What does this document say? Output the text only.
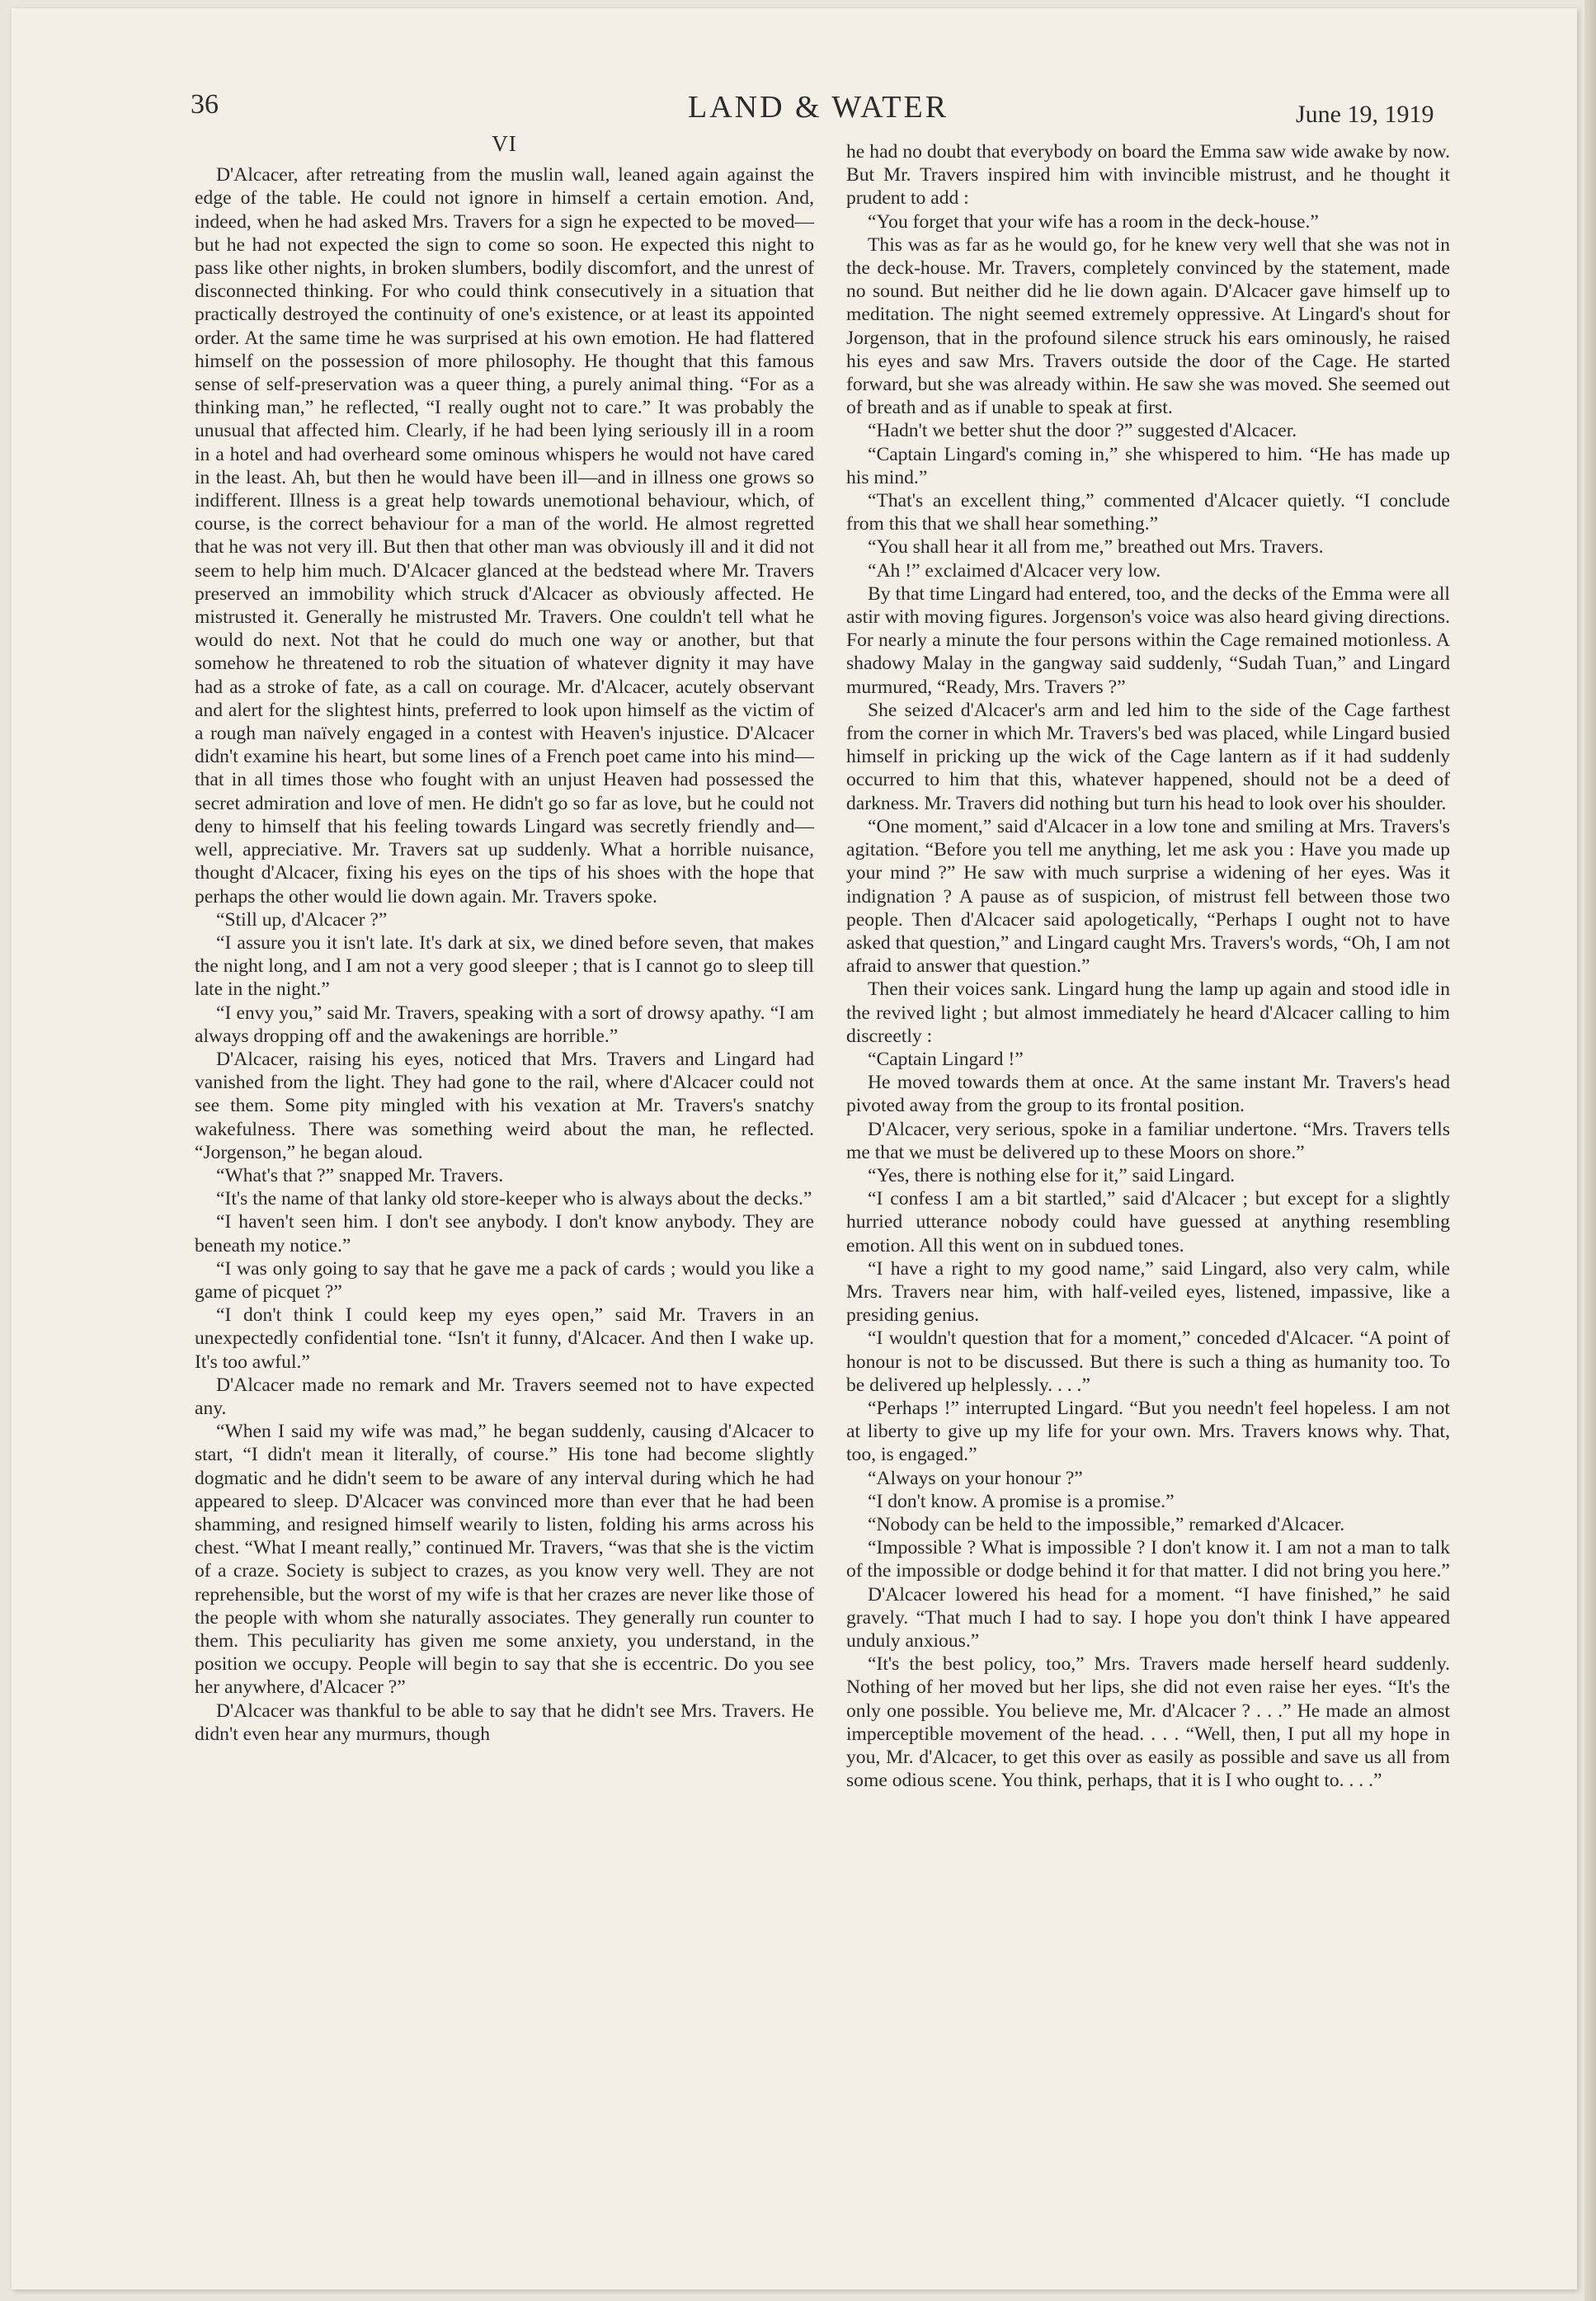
36	LAND & WATER	June 19, 1919
VI

D'Alcacer, after retreating from the muslin wall, leaned again against the edge of the table. He could not ignore in himself a certain emotion. And, indeed, when he had asked Mrs. Travers for a sign he expected to be moved—but he had not expected the sign to come so soon. He expected this night to pass like other nights, in broken slumbers, bodily discomfort, and the unrest of disconnected thinking. For who could think consecutively in a situation that practically destroyed the continuity of one's existence, or at least its appointed order. At the same time he was surprised at his own emotion. He had flattered himself on the possession of more philosophy. He thought that this famous sense of self-preservation was a queer thing, a purely animal thing. “For as a thinking man,” he reflected, “I really ought not to care.” It was probably the unusual that affected him. Clearly, if he had been lying seriously ill in a room in a hotel and had overheard some ominous whispers he would not have cared in the least. Ah, but then he would have been ill—and in illness one grows so indifferent. Illness is a great help towards unemotional behaviour, which, of course, is the correct behaviour for a man of the world. He almost regretted that he was not very ill. But then that other man was obviously ill and it did not seem to help him much. D'Alcacer glanced at the bedstead where Mr. Travers preserved an immobility which struck d'Alcacer as obviously affected. He mistrusted it. Generally he mistrusted Mr. Travers. One couldn't tell what he would do next. Not that he could do much one way or another, but that somehow he threatened to rob the situation of whatever dignity it may have had as a stroke of fate, as a call on courage. Mr. d'Alcacer, acutely observant and alert for the slightest hints, preferred to look upon himself as the victim of a rough man naïvely engaged in a contest with Heaven's injustice. D'Alcacer didn't examine his heart, but some lines of a French poet came into his mind—that in all times those who fought with an unjust Heaven had possessed the secret admiration and love of men. He didn't go so far as love, but he could not deny to himself that his feeling towards Lingard was secretly friendly and—well, appreciative. Mr. Travers sat up suddenly. What a horrible nuisance, thought d'Alcacer, fixing his eyes on the tips of his shoes with the hope that perhaps the other would lie down again. Mr. Travers spoke.

“Still up, d'Alcacer ?”

“I assure you it isn't late. It's dark at six, we dined before seven, that makes the night long, and I am not a very good sleeper ; that is I cannot go to sleep till late in the night.”

“I envy you,” said Mr. Travers, speaking with a sort of drowsy apathy. “I am always dropping off and the awakenings are horrible.”

D'Alcacer, raising his eyes, noticed that Mrs. Travers and Lingard had vanished from the light. They had gone to the rail, where d'Alcacer could not see them. Some pity mingled with his vexation at Mr. Travers's snatchy wakefulness. There was something weird about the man, he reflected. “Jorgenson,” he began aloud.

“What's that ?” snapped Mr. Travers.

“It's the name of that lanky old store-keeper who is always about the decks.”

“I haven't seen him. I don't see anybody. I don't know anybody. They are beneath my notice.”

“I was only going to say that he gave me a pack of cards ; would you like a game of picquet ?”

“I don't think I could keep my eyes open,” said Mr. Travers in an unexpectedly confidential tone. “Isn't it funny, d'Alcacer. And then I wake up. It's too awful.”

D'Alcacer made no remark and Mr. Travers seemed not to have expected any.

“When I said my wife was mad,” he began suddenly, causing d'Alcacer to start, “I didn't mean it literally, of course.” His tone had become slightly dogmatic and he didn't seem to be aware of any interval during which he had appeared to sleep. D'Alcacer was convinced more than ever that he had been shamming, and resigned himself wearily to listen, folding his arms across his chest. “What I meant really,” continued Mr. Travers, “was that she is the victim of a craze. Society is subject to crazes, as you know very well. They are not reprehensible, but the worst of my wife is that her crazes are never like those of the people with whom she naturally associates. They generally run counter to them. This peculiarity has given me some anxiety, you understand, in the position we occupy. People will begin to say that she is eccentric. Do you see her anywhere, d'Alcacer ?”

D'Alcacer was thankful to be able to say that he didn't see Mrs. Travers. He didn't even hear any murmurs, though

he had no doubt that everybody on board the Emma saw wide awake by now. But Mr. Travers inspired him with invincible mistrust, and he thought it prudent to add :

“You forget that your wife has a room in the deck-house.”

This was as far as he would go, for he knew very well that she was not in the deck-house. Mr. Travers, completely convinced by the statement, made no sound. But neither did he lie down again. D'Alcacer gave himself up to meditation. The night seemed extremely oppressive. At Lingard's shout for Jorgenson, that in the profound silence struck his ears ominously, he raised his eyes and saw Mrs. Travers outside the door of the Cage. He started forward, but she was already within. He saw she was moved. She seemed out of breath and as if unable to speak at first.

“Hadn't we better shut the door ?” suggested d'Alcacer.

“Captain Lingard's coming in,” she whispered to him. “He has made up his mind.”

“That's an excellent thing,” commented d'Alcacer quietly. “I conclude from this that we shall hear something.”

“You shall hear it all from me,” breathed out Mrs. Travers.

“Ah !” exclaimed d'Alcacer very low.

By that time Lingard had entered, too, and the decks of the Emma were all astir with moving figures. Jorgenson's voice was also heard giving directions. For nearly a minute the four persons within the Cage remained motionless. A shadowy Malay in the gangway said suddenly, “Sudah Tuan,” and Lingard murmured, “Ready, Mrs. Travers ?”

She seized d'Alcacer's arm and led him to the side of the Cage farthest from the corner in which Mr. Travers's bed was placed, while Lingard busied himself in pricking up the wick of the Cage lantern as if it had suddenly occurred to him that this, whatever happened, should not be a deed of darkness. Mr. Travers did nothing but turn his head to look over his shoulder.

“One moment,” said d'Alcacer in a low tone and smiling at Mrs. Travers's agitation. “Before you tell me anything, let me ask you : Have you made up your mind ?” He saw with much surprise a widening of her eyes. Was it indignation ? A pause as of suspicion, of mistrust fell between those two people. Then d'Alcacer said apologetically, “Perhaps I ought not to have asked that question,” and Lingard caught Mrs. Travers's words, “Oh, I am not afraid to answer that question.”

Then their voices sank. Lingard hung the lamp up again and stood idle in the revived light ; but almost immediately he heard d'Alcacer calling to him discreetly :

“Captain Lingard !”

He moved towards them at once. At the same instant Mr. Travers's head pivoted away from the group to its frontal position.

D'Alcacer, very serious, spoke in a familiar undertone. “Mrs. Travers tells me that we must be delivered up to these Moors on shore.”

“Yes, there is nothing else for it,” said Lingard.

“I confess I am a bit startled,” said d'Alcacer ; but except for a slightly hurried utterance nobody could have guessed at anything resembling emotion. All this went on in subdued tones.

“I have a right to my good name,” said Lingard, also very calm, while Mrs. Travers near him, with half-veiled eyes, listened, impassive, like a presiding genius.

“I wouldn't question that for a moment,” conceded d'Alcacer. “A point of honour is not to be discussed. But there is such a thing as humanity too. To be delivered up helplessly. . . .”

“Perhaps !” interrupted Lingard. “But you needn't feel hopeless. I am not at liberty to give up my life for your own. Mrs. Travers knows why. That, too, is engaged.”

“Always on your honour ?”

“I don't know. A promise is a promise.”

“Nobody can be held to the impossible,” remarked d'Alcacer.

“Impossible ? What is impossible ? I don't know it. I am not a man to talk of the impossible or dodge behind it for that matter. I did not bring you here.”

D'Alcacer lowered his head for a moment. “I have finished,” he said gravely. “That much I had to say. I hope you don't think I have appeared unduly anxious.”

“It's the best policy, too,” Mrs. Travers made herself heard suddenly. Nothing of her moved but her lips, she did not even raise her eyes. “It's the only one possible. You believe me, Mr. d'Alcacer ? . . .” He made an almost imperceptible movement of the head. . . . “Well, then, I put all my hope in you, Mr. d'Alcacer, to get this over as easily as possible and save us all from some odious scene. You think, perhaps, that it is I who ought to. . . .”
